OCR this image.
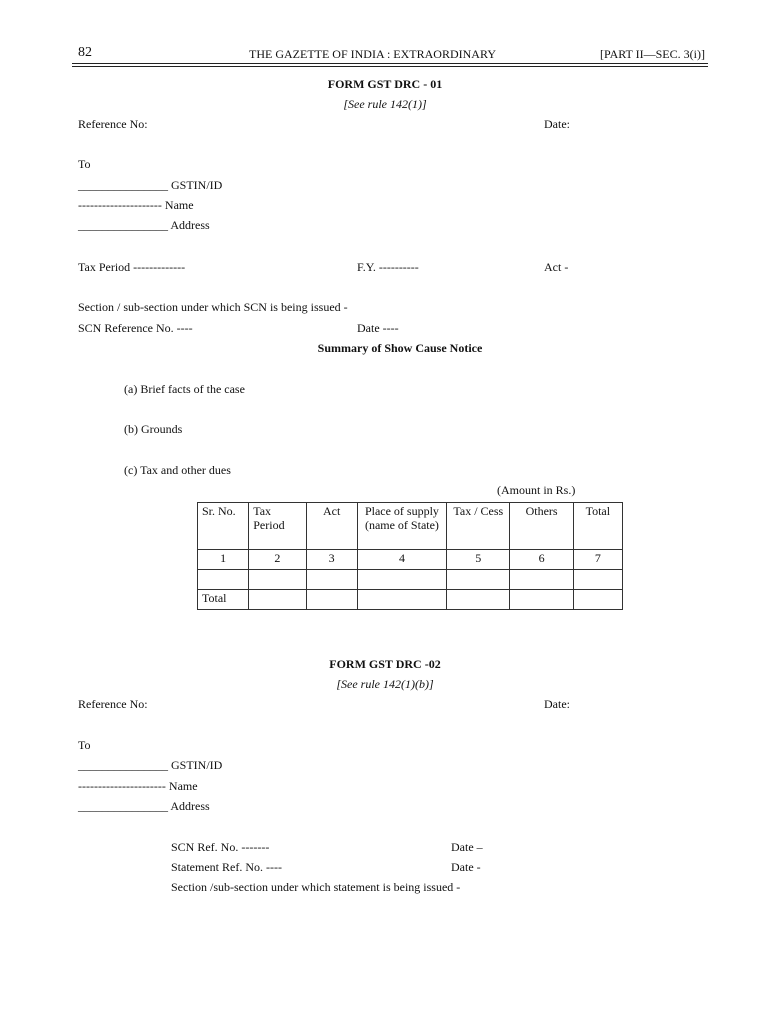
82	THE GAZETTE OF INDIA : EXTRAORDINARY	[PART II—SEC. 3(i)]
FORM GST DRC - 01
[See rule 142(1)]
Reference No:	Date:
To
_______________ GSTIN/ID
--------------------- Name
_______________ Address
Tax Period -------------	F.Y. ----------	Act -
Section / sub-section under which SCN is being issued -
SCN Reference No. ----	Date ----
Summary of Show Cause Notice
(a) Brief facts of the case
(b) Grounds
(c) Tax and other dues
(Amount in Rs.)
Sr. No.	Tax Period	Act	Place of supply (name of State)	Tax / Cess	Others	Total
1	2	3	4	5	6	7

Total						
FORM GST DRC -02
[See rule 142(1)(b)]
Reference No:	Date:
To
_______________ GSTIN/ID
---------------------- Name
_______________ Address
SCN Ref. No. -------	Date –
Statement Ref. No. ----	Date -
Section /sub-section under which statement is being issued -
